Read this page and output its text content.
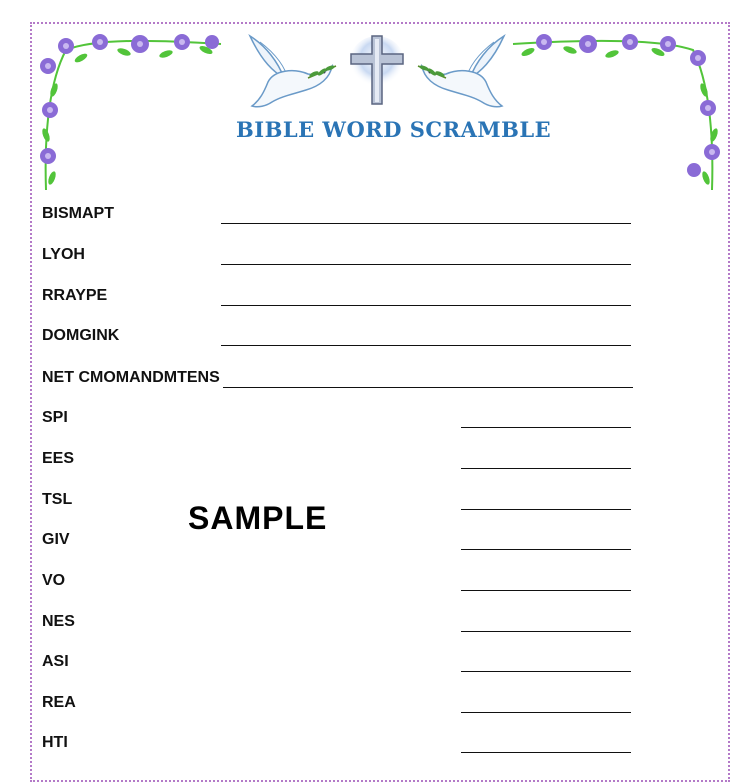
BIBLE WORD SCRAMBLE
BISMAPT
LYOH
RRAYPE
DOMGINK
NET CMOMANDMTENS
SPI
EES
TSL
GIV
VO
NES
ASI
REA
HTI
SAMPLE
